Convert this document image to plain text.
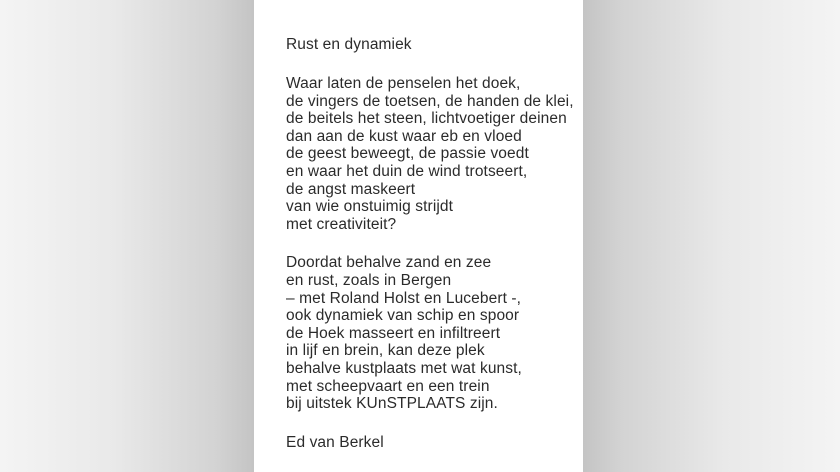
Rust en dynamiek
Waar laten de penselen het doek,
de vingers de toetsen, de handen de klei,
de beitels het steen, lichtvoetiger deinen
dan aan de kust waar eb en vloed
de geest beweegt, de passie voedt
en waar het duin de wind trotseert,
de angst maskeert
van wie onstuimig strijdt
met creativiteit?
Doordat behalve zand en zee
en rust, zoals in Bergen
– met Roland Holst en Lucebert -,
ook dynamiek van schip en spoor
de Hoek masseert en infiltreert
in lijf en brein, kan deze plek
behalve kustplaats met wat kunst,
met scheepvaart en een trein
bij uitstek KUnSTPLAATS zijn.
Ed van Berkel
